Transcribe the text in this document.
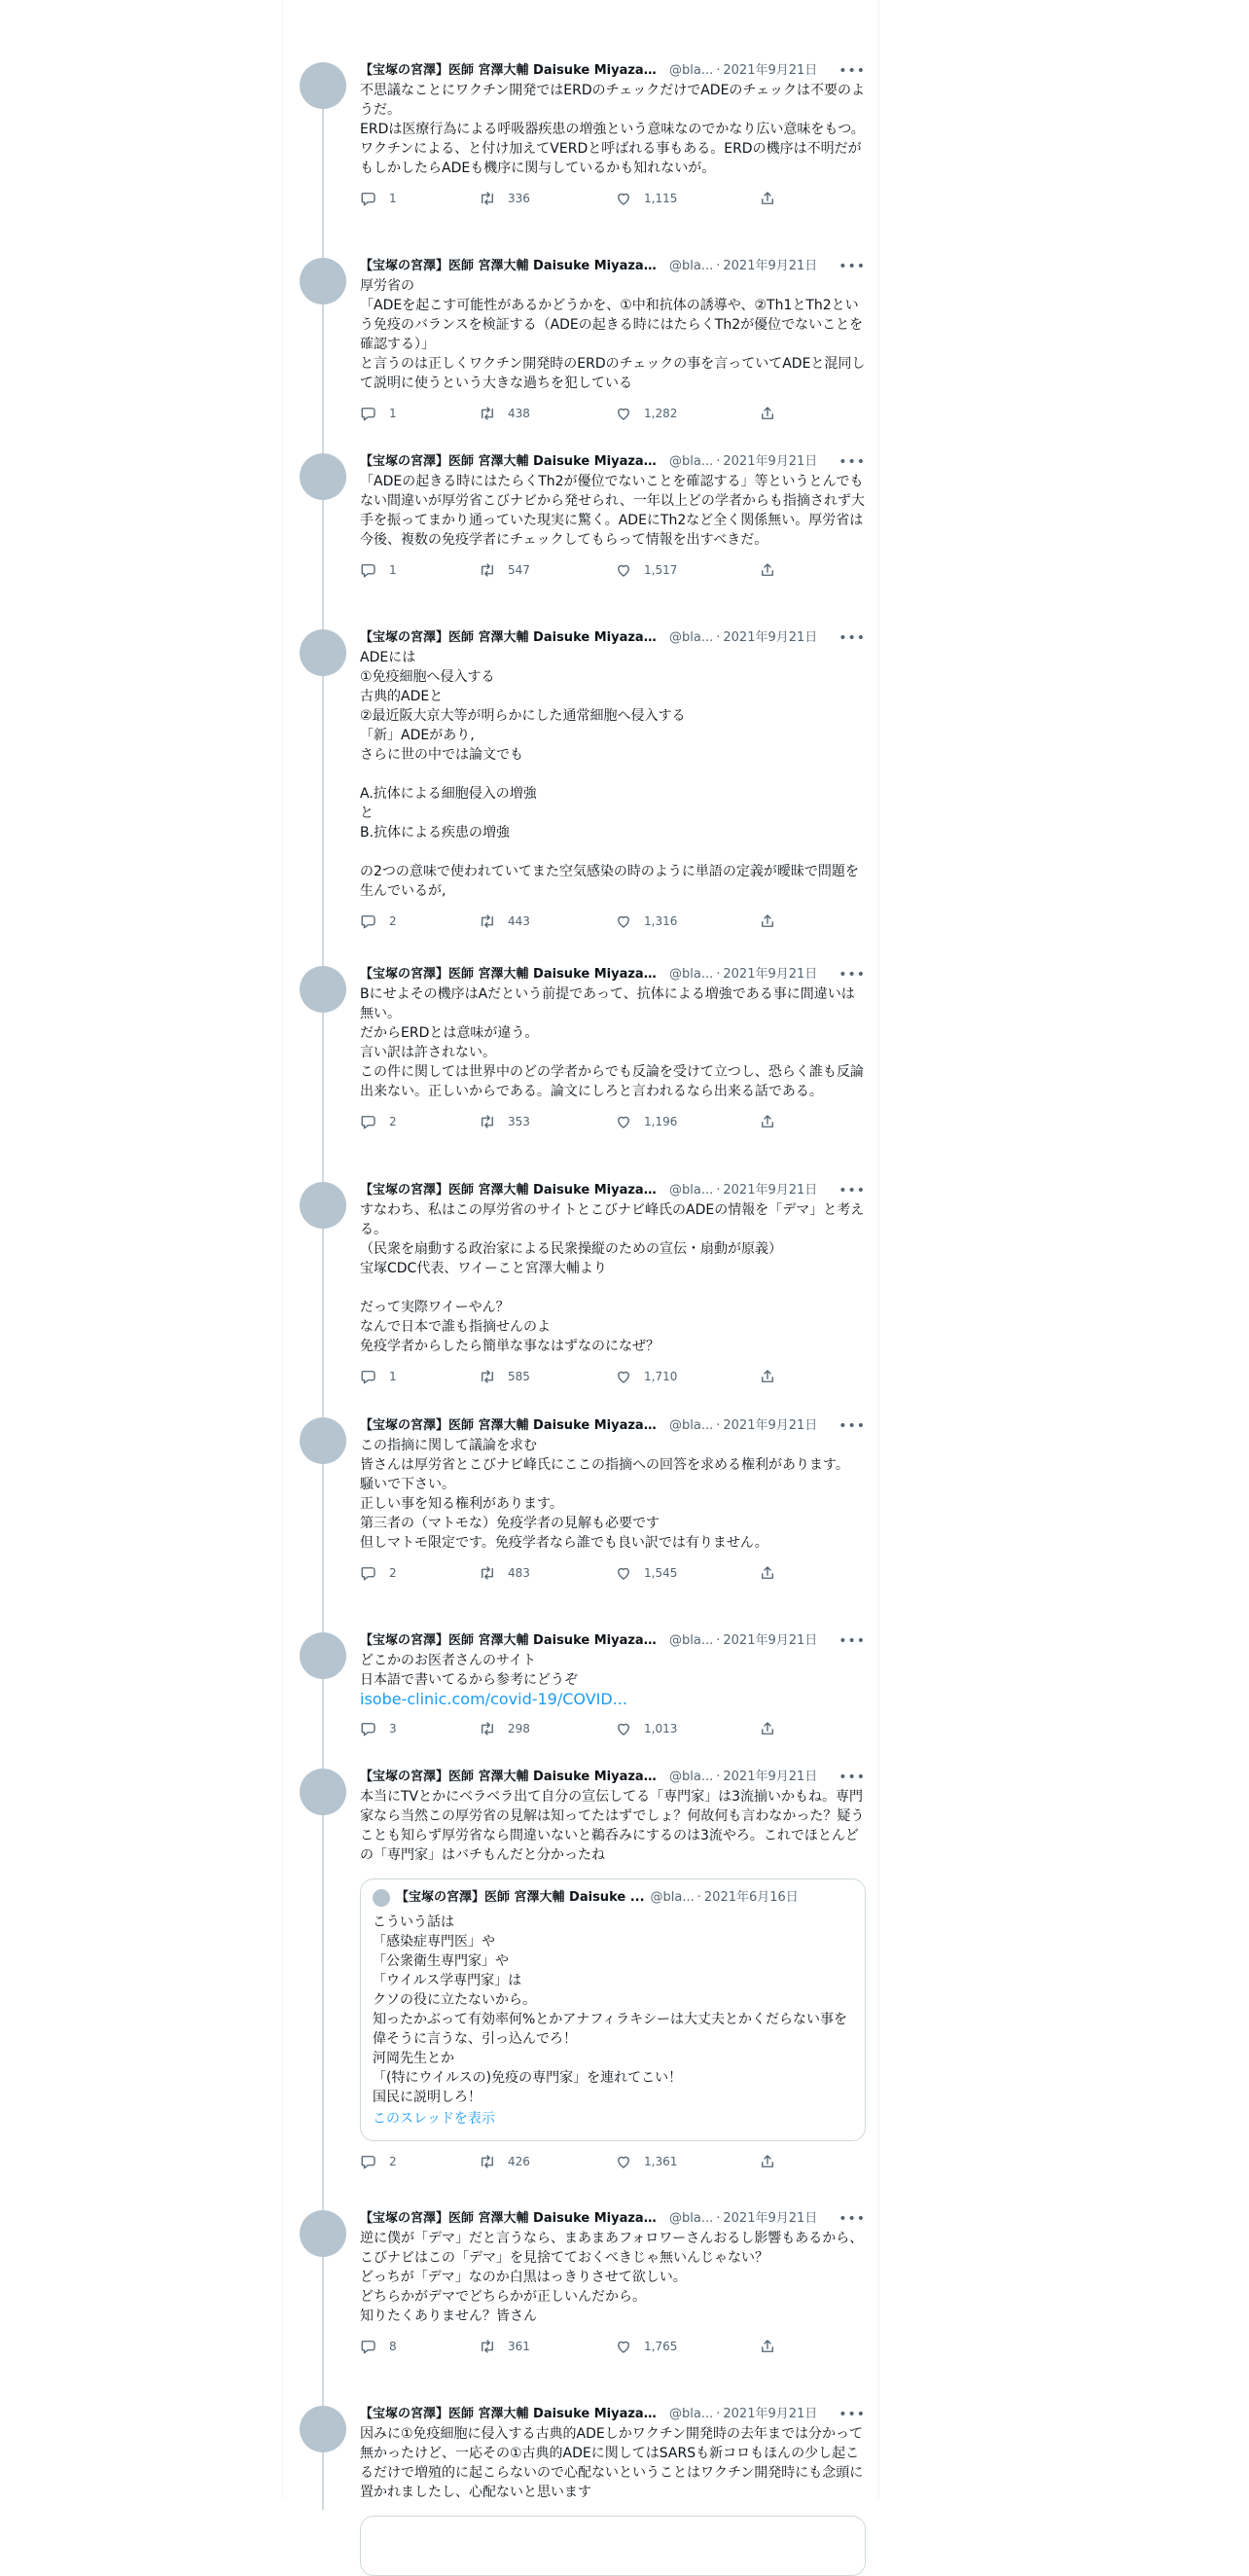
【宝塚の宮澤】医師 宮澤大輔 Daisuke Miyazawa @bla... · 2021年9月21日 •••
不思議なことにワクチン開発ではERDのチェックだけでADEのチェックは不要のようだ。
ERDは医療行為による呼吸器疾患の増強という意味なのでかなり広い意味をもつ。ワクチンによる、と付け加えてVERDと呼ばれる事もある。ERDの機序は不明だがもしかしたらADEも機序に関与しているかも知れないが。
1	336	1,115
【宝塚の宮澤】医師 宮澤大輔 Daisuke Miyazawa @bla... · 2021年9月21日 •••
厚労省の
「ADEを起こす可能性があるかどうかを、①中和抗体の誘導や、②Th1とTh2という免疫のバランスを検証する（ADEの起きる時にはたらくTh2が優位でないことを確認する）」
と言うのは正しくワクチン開発時のERDのチェックの事を言っていてADEと混同して説明に使うという大きな過ちを犯している
1	438	1,282
【宝塚の宮澤】医師 宮澤大輔 Daisuke Miyazawa @bla... · 2021年9月21日 •••
「ADEの起きる時にはたらくTh2が優位でないことを確認する」等というとんでもない間違いが厚労省こびナビから発せられ、一年以上どの学者からも指摘されず大手を振ってまかり通っていた現実に驚く。ADEにTh2など全く関係無い。厚労省は今後、複数の免疫学者にチェックしてもらって情報を出すべきだ。
1	547	1,517
【宝塚の宮澤】医師 宮澤大輔 Daisuke Miyazawa @bla... · 2021年9月21日 •••
ADEには
①免疫細胞へ侵入する
古典的ADEと
②最近阪大京大等が明らかにした通常細胞へ侵入する
「新」ADEがあり,
さらに世の中では論文でも

A.抗体による細胞侵入の増強
と
B.抗体による疾患の増強

の2つの意味で使われていてまた空気感染の時のように単語の定義が曖昧で問題を生んでいるが,
2	443	1,316
【宝塚の宮澤】医師 宮澤大輔 Daisuke Miyazawa @bla... · 2021年9月21日 •••
Bにせよその機序はAだという前提であって、抗体による増強である事に間違いは無い。
だからERDとは意味が違う。
言い訳は許されない。
この件に関しては世界中のどの学者からでも反論を受けて立つし、恐らく誰も反論出来ない。正しいからである。論文にしろと言われるなら出来る話である。
2	353	1,196
【宝塚の宮澤】医師 宮澤大輔 Daisuke Miyazawa @bla... · 2021年9月21日 •••
すなわち、私はこの厚労省のサイトとこびナビ峰氏のADEの情報を「デマ」と考える。
（民衆を扇動する政治家による民衆操縦のための宣伝・扇動が原義）
宝塚CDC代表、ワイーこと宮澤大輔より

だって実際ワイーやん？
なんで日本で誰も指摘せんのよ
免疫学者からしたら簡単な事なはずなのになぜ？
1	585	1,710
【宝塚の宮澤】医師 宮澤大輔 Daisuke Miyazawa @bla... · 2021年9月21日 •••
この指摘に関して議論を求む
皆さんは厚労省とこびナビ峰氏にここの指摘への回答を求める権利があります。
騒いで下さい。
正しい事を知る権利があります。
第三者の（マトモな）免疫学者の見解も必要です
但しマトモ限定です。免疫学者なら誰でも良い訳では有りません。
2	483	1,545
【宝塚の宮澤】医師 宮澤大輔 Daisuke Miyazawa @bla... · 2021年9月21日 •••
どこかのお医者さんのサイト
日本語で書いてるから参考にどうぞ
isobe-clinic.com/covid-19/COVID...
3	298	1,013
【宝塚の宮澤】医師 宮澤大輔 Daisuke Miyazawa @bla... · 2021年9月21日 •••
本当にTVとかにベラベラ出て自分の宣伝してる「専門家」は3流揃いかもね。専門家なら当然この厚労省の見解は知ってたはずでしょ？何故何も言わなかった？疑うことも知らず厚労省なら間違いないと鵜呑みにするのは3流やろ。これでほとんどの「専門家」はバチもんだと分かったね
【宝塚の宮澤】医師 宮澤大輔 Daisuke ... @bla... · 2021年6月16日
こういう話は
「感染症専門医」や
「公衆衛生専門家」や
「ウイルス学専門家」は
クソの役に立たないから。
知ったかぶって有効率何%とかアナフィラキシーは大丈夫とかくだらない事を偉そうに言うな、引っ込んでろ！
河岡先生とか
「(特にウイルスの)免疫の専門家」を連れてこい！
国民に説明しろ！
このスレッドを表示
2	426	1,361
【宝塚の宮澤】医師 宮澤大輔 Daisuke Miyazawa @bla... · 2021年9月21日 •••
逆に僕が「デマ」だと言うなら、まあまあフォロワーさんおるし影響もあるから、こびナビはこの「デマ」を見捨てておくべきじゃ無いんじゃない？
どっちが「デマ」なのか白黒はっきりさせて欲しい。
どちらかがデマでどちらかが正しいんだから。
知りたくありません？皆さん
8	361	1,765
【宝塚の宮澤】医師 宮澤大輔 Daisuke Miyazawa @bla... · 2021年9月21日 •••
因みに①免疫細胞に侵入する古典的ADEしかワクチン開発時の去年までは分かって無かったけど、一応その①古典的ADEに関してはSARSも新コロもほんの少し起こるだけで増殖的に起こらないので心配ないということはワクチン開発時にも念頭に置かれましたし、心配ないと思います
